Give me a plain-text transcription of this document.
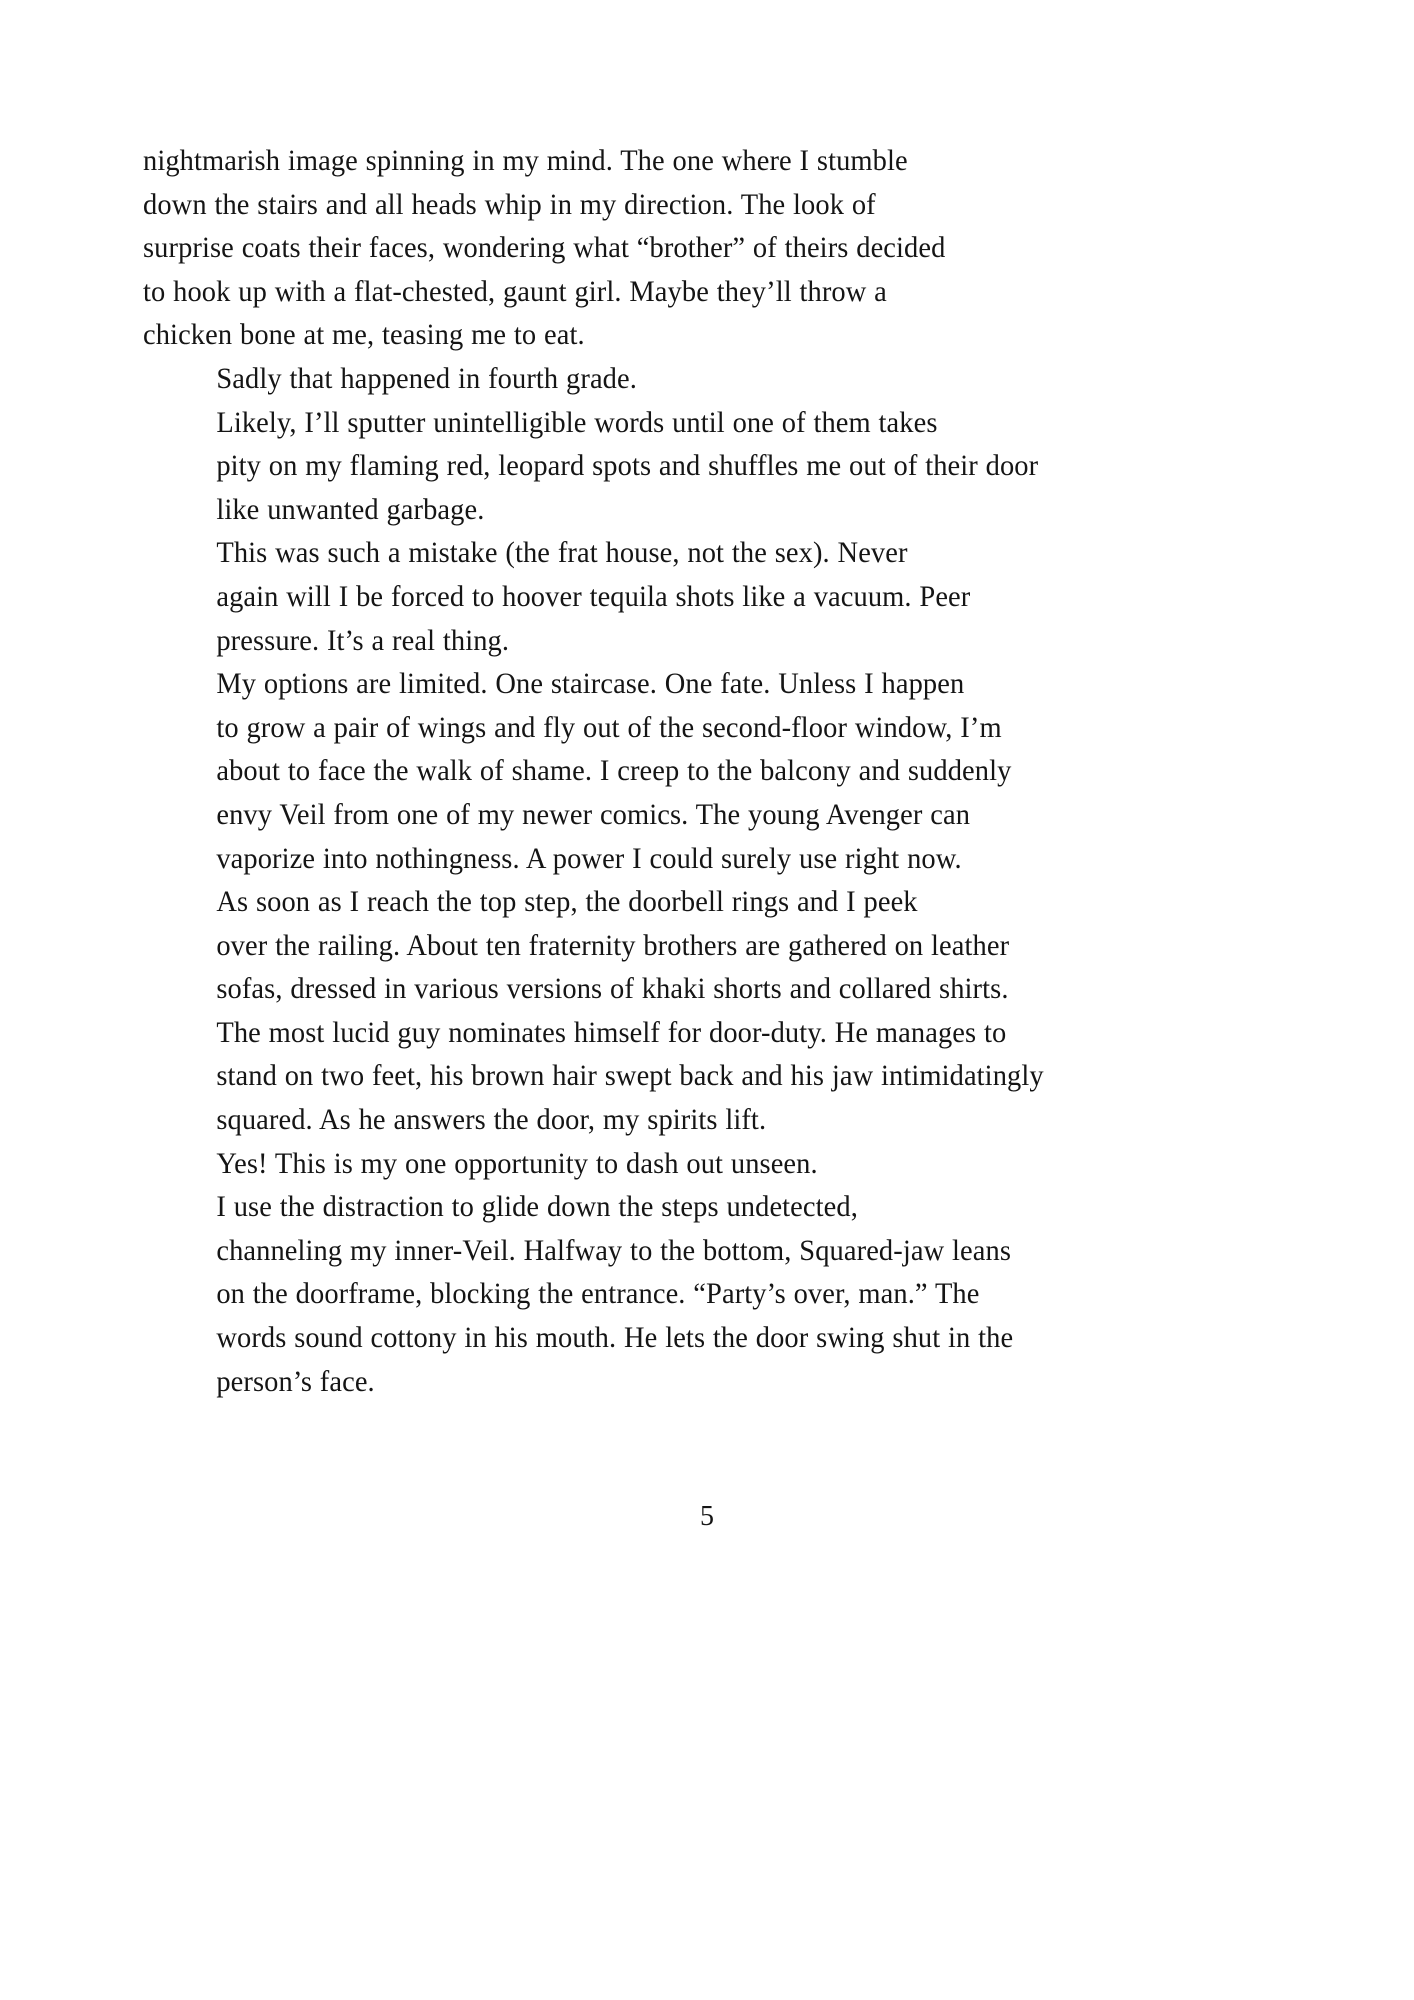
nightmarish image spinning in my mind. The one where I stumble
down the stairs and all heads whip in my direction. The look of
surprise coats their faces, wondering what “brother” of theirs decided
to hook up with a flat-chested, gaunt girl. Maybe they’ll throw a
chicken bone at me, teasing me to eat.

Sadly that happened in fourth grade.

Likely, I’ll sputter unintelligible words until one of them takes
pity on my flaming red, leopard spots and shuffles me out of their door
like unwanted garbage.

This was such a mistake (the frat house, not the sex). Never
again will I be forced to hoover tequila shots like a vacuum. Peer
pressure. It’s a real thing.

My options are limited. One staircase. One fate. Unless I happen
to grow a pair of wings and fly out of the second-floor window, I’m
about to face the walk of shame. I creep to the balcony and suddenly
envy Veil from one of my newer comics. The young Avenger can
vaporize into nothingness. A power I could surely use right now.

As soon as I reach the top step, the doorbell rings and I peek
over the railing. About ten fraternity brothers are gathered on leather
sofas, dressed in various versions of khaki shorts and collared shirts.
The most lucid guy nominates himself for door-duty. He manages to
stand on two feet, his brown hair swept back and his jaw intimidatingly
squared. As he answers the door, my spirits lift.

Yes! This is my one opportunity to dash out unseen.

I use the distraction to glide down the steps undetected,
channeling my inner-Veil. Halfway to the bottom, Squared-jaw leans
on the doorframe, blocking the entrance. “Party’s over, man.” The
words sound cottony in his mouth. He lets the door swing shut in the
person’s face.

5
